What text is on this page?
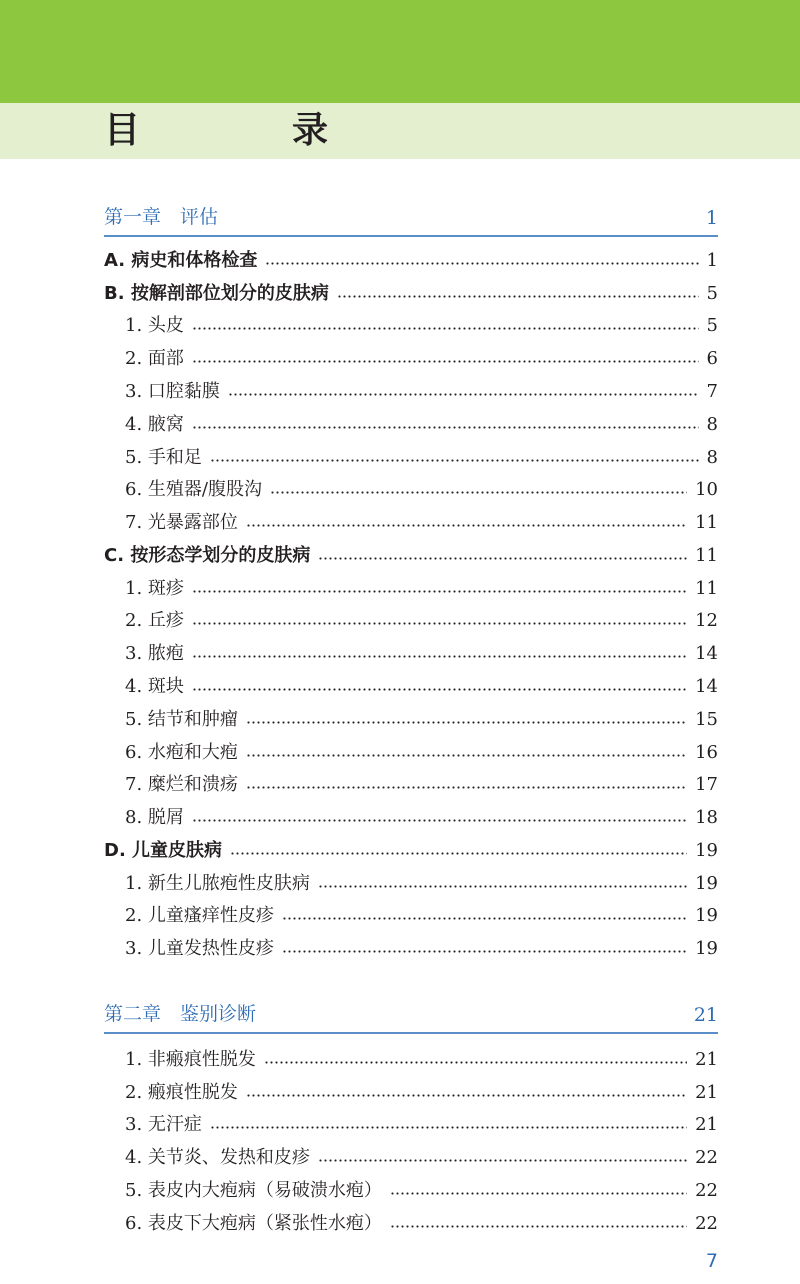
目　录
第一章　评估	1
A. 病史和体格检查	1
B. 按解剖部位划分的皮肤病	5
1. 头皮	5
2. 面部	6
3. 口腔黏膜	7
4. 腋窝	8
5. 手和足	8
6. 生殖器/腹股沟	10
7. 光暴露部位	11
C. 按形态学划分的皮肤病	11
1. 斑疹	11
2. 丘疹	12
3. 脓疱	14
4. 斑块	14
5. 结节和肿瘤	15
6. 水疱和大疱	16
7. 糜烂和溃疡	17
8. 脱屑	18
D. 儿童皮肤病	19
1. 新生儿脓疱性皮肤病	19
2. 儿童瘙痒性皮疹	19
3. 儿童发热性皮疹	19
第二章　鉴别诊断	21
1. 非瘢痕性脱发	21
2. 瘢痕性脱发	21
3. 无汗症	21
4. 关节炎、发热和皮疹	22
5. 表皮内大疱病（易破溃水疱）	22
6. 表皮下大疱病（紧张性水疱）	22
7
